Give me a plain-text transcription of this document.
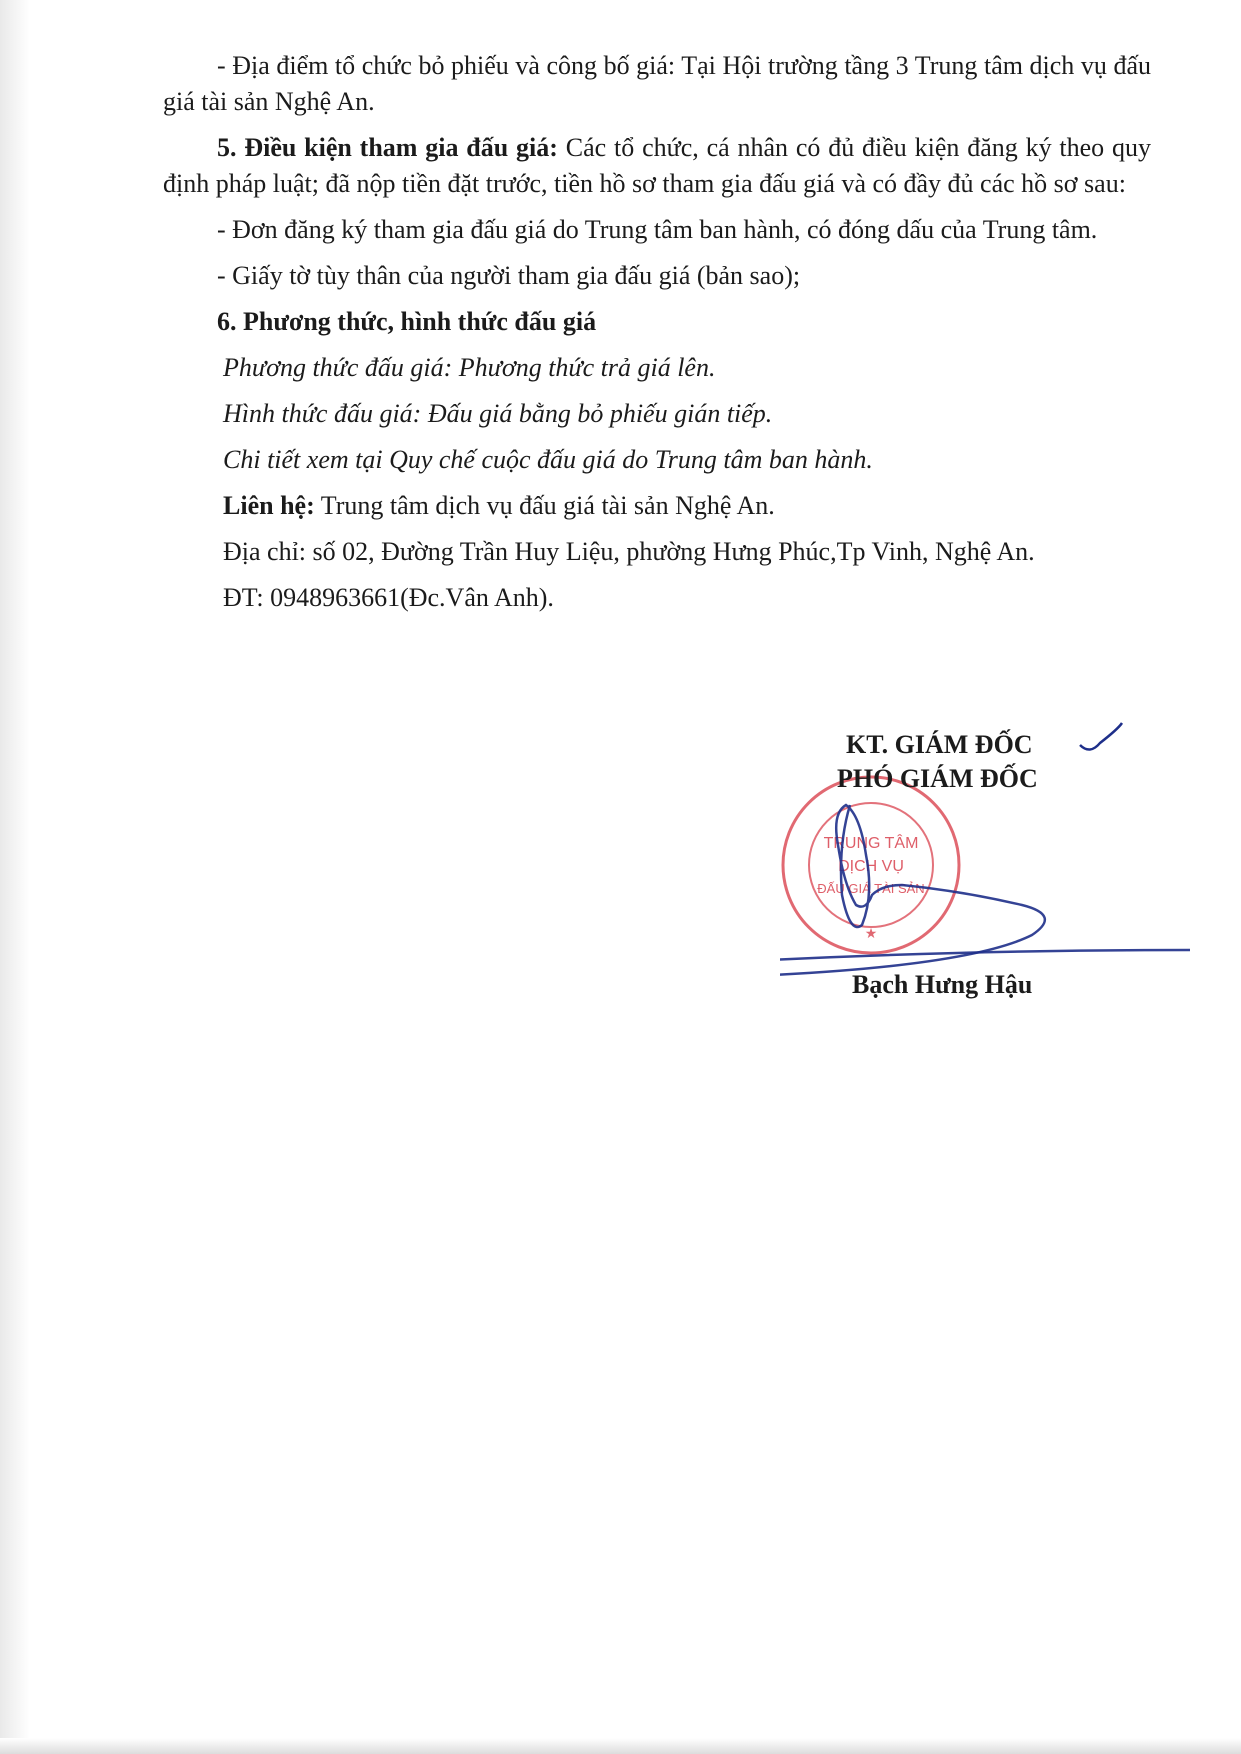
- Địa điểm tổ chức bỏ phiếu và công bố giá: Tại Hội trường tầng 3 Trung tâm dịch vụ đấu giá tài sản Nghệ An.

5. Điều kiện tham gia đấu giá: Các tổ chức, cá nhân có đủ điều kiện đăng ký theo quy định pháp luật; đã nộp tiền đặt trước, tiền hồ sơ tham gia đấu giá và có đầy đủ các hồ sơ sau:

- Đơn đăng ký tham gia đấu giá do Trung tâm ban hành, có đóng dấu của Trung tâm.

- Giấy tờ tùy thân của người tham gia đấu giá (bản sao);

6. Phương thức, hình thức đấu giá

Phương thức đấu giá: Phương thức trả giá lên.

Hình thức đấu giá: Đấu giá bằng bỏ phiếu gián tiếp.

Chi tiết xem tại Quy chế cuộc đấu giá do Trung tâm ban hành.

Liên hệ: Trung tâm dịch vụ đấu giá tài sản Nghệ An.

Địa chỉ: số 02, Đường Trần Huy Liệu, phường Hưng Phúc,Tp Vinh, Nghệ An.

ĐT: 0948963661(Đc.Vân Anh).

TRUNG TÂM
DỊCH VỤ
ĐẤU GIÁ TÀI SẢN
★
KT. GIÁM ĐỐC
PHÓ GIÁM ĐỐC
Bạch Hưng Hậu
